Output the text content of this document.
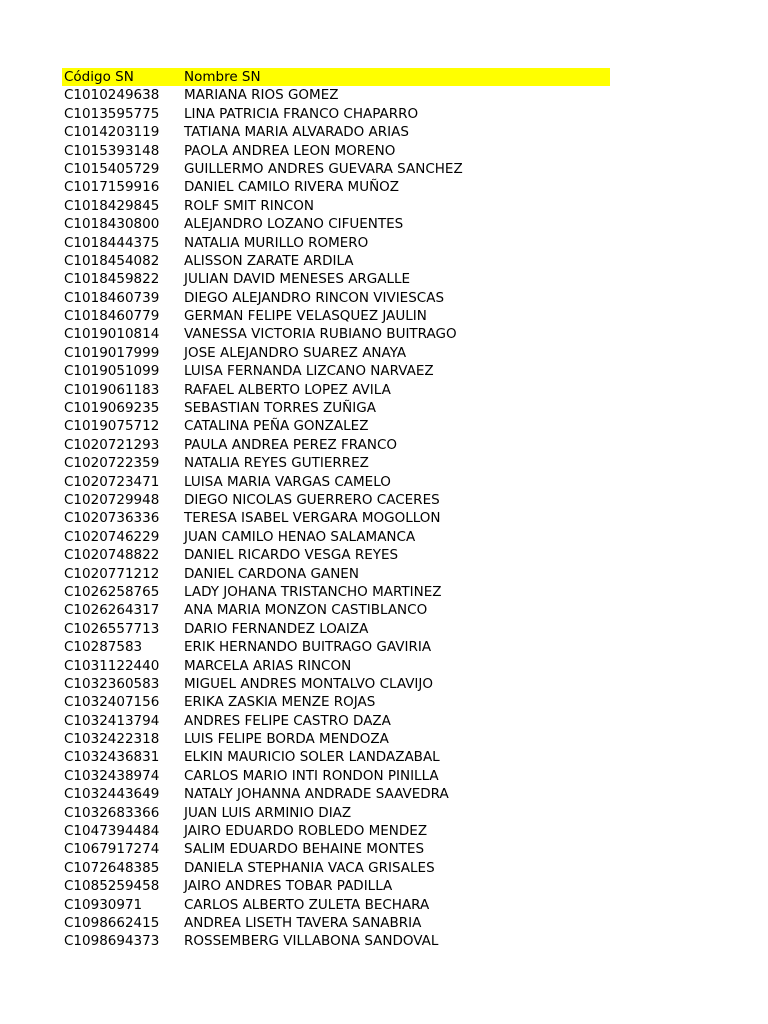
Código SN	Nombre SN
C1010249638	MARIANA RIOS GOMEZ
C1013595775	LINA PATRICIA FRANCO CHAPARRO
C1014203119	TATIANA MARIA ALVARADO ARIAS
C1015393148	PAOLA ANDREA LEON MORENO
C1015405729	GUILLERMO ANDRES GUEVARA SANCHEZ
C1017159916	DANIEL CAMILO RIVERA MUÑOZ
C1018429845	ROLF SMIT RINCON
C1018430800	ALEJANDRO LOZANO CIFUENTES
C1018444375	NATALIA MURILLO ROMERO
C1018454082	ALISSON ZARATE ARDILA
C1018459822	JULIAN DAVID MENESES ARGALLE
C1018460739	DIEGO ALEJANDRO RINCON VIVIESCAS
C1018460779	GERMAN FELIPE VELASQUEZ JAULIN
C1019010814	VANESSA VICTORIA RUBIANO BUITRAGO
C1019017999	JOSE ALEJANDRO SUAREZ ANAYA
C1019051099	LUISA FERNANDA LIZCANO NARVAEZ
C1019061183	RAFAEL ALBERTO LOPEZ AVILA
C1019069235	SEBASTIAN TORRES ZUÑIGA
C1019075712	CATALINA PEÑA GONZALEZ
C1020721293	PAULA ANDREA PEREZ FRANCO
C1020722359	NATALIA REYES GUTIERREZ
C1020723471	LUISA MARIA VARGAS CAMELO
C1020729948	DIEGO NICOLAS GUERRERO CACERES
C1020736336	TERESA ISABEL VERGARA MOGOLLON
C1020746229	JUAN CAMILO HENAO SALAMANCA
C1020748822	DANIEL RICARDO VESGA REYES
C1020771212	DANIEL CARDONA GANEN
C1026258765	LADY JOHANA TRISTANCHO MARTINEZ
C1026264317	ANA MARIA MONZON CASTIBLANCO
C1026557713	DARIO FERNANDEZ LOAIZA
C10287583	ERIK HERNANDO BUITRAGO GAVIRIA
C1031122440	MARCELA ARIAS RINCON
C1032360583	MIGUEL ANDRES MONTALVO CLAVIJO
C1032407156	ERIKA ZASKIA MENZE ROJAS
C1032413794	ANDRES FELIPE CASTRO DAZA
C1032422318	LUIS FELIPE BORDA MENDOZA
C1032436831	ELKIN MAURICIO SOLER LANDAZABAL
C1032438974	CARLOS MARIO INTI RONDON PINILLA
C1032443649	NATALY JOHANNA ANDRADE SAAVEDRA
C1032683366	JUAN LUIS ARMINIO DIAZ
C1047394484	JAIRO EDUARDO ROBLEDO MENDEZ
C1067917274	SALIM EDUARDO BEHAINE MONTES
C1072648385	DANIELA STEPHANIA VACA GRISALES
C1085259458	JAIRO ANDRES TOBAR PADILLA
C10930971	CARLOS ALBERTO ZULETA BECHARA
C1098662415	ANDREA LISETH TAVERA SANABRIA
C1098694373	ROSSEMBERG VILLABONA SANDOVAL
